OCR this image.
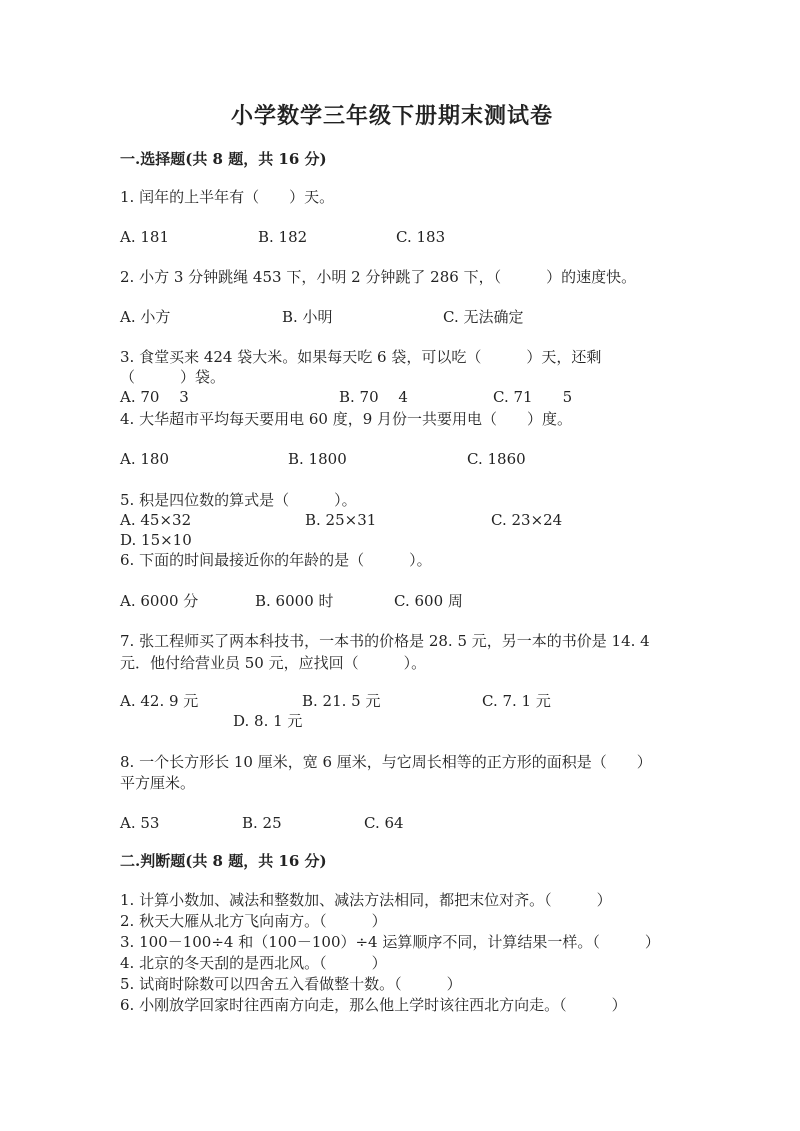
小学数学三年级下册期末测试卷
一.选择题(共 8 题，共 16 分)
1. 闰年的上半年有（　　）天。
A. 181	B. 182	C. 183
2. 小方 3 分钟跳绳 453 下，小明 2 分钟跳了 286 下，（　　　）的速度快。
A. 小方	B. 小明	C. 无法确定
3. 食堂买来 424 袋大米。如果每天吃 6 袋，可以吃（　　　）天，还剩
（　　　）袋。
A. 70　 3	B. 70　 4	C. 71　　5
4. 大华超市平均每天要用电 60 度，9 月份一共要用电（　　）度。
A. 180	B. 1800	C. 1860
5. 积是四位数的算式是（　　　）。
A. 45×32	B. 25×31	C. 23×24
D. 15×10
6. 下面的时间最接近你的年龄的是（　　　）。
A. 6000 分	B. 6000 时	C. 600 周
7. 张工程师买了两本科技书，一本书的价格是 28. 5 元，另一本的书价是 14. 4
元．他付给营业员 50 元，应找回（　　　）。
A. 42. 9 元	B. 21. 5 元	C. 7. 1 元
D. 8. 1 元
8. 一个长方形长 10 厘米，宽 6 厘米，与它周长相等的正方形的面积是（　　）
平方厘米。
A. 53	B. 25	C. 64
二.判断题(共 8 题，共 16 分)
1. 计算小数加、减法和整数加、减法方法相同，都把末位对齐。（　　　）
2. 秋天大雁从北方飞向南方。（　　　）
3. 100－100÷4 和（100－100）÷4 运算顺序不同，计算结果一样。（　　　）
4. 北京的冬天刮的是西北风。（　　　）
5. 试商时除数可以四舍五入看做整十数。（　　　）
6. 小刚放学回家时往西南方向走，那么他上学时该往西北方向走。（　　　）
